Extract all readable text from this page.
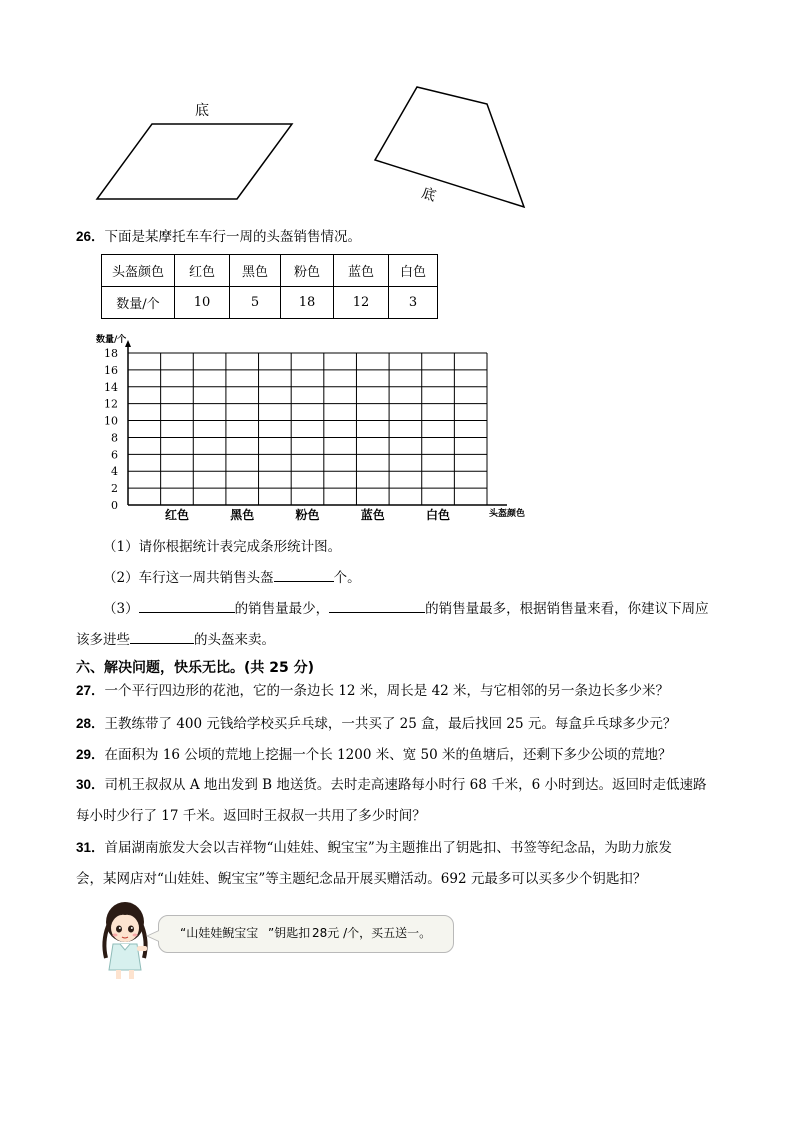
底
底
26．下面是某摩托车车行一周的头盔销售情况。
头盔颜色	红色	黑色	粉色	蓝色	白色
数量/个	10	5	18	12	3
18
16
14
12
10
8
6
4
2
0
数量/个
红色	黑色	粉色	蓝色	白色	头盔颜色
（1）请你根据统计表完成条形统计图。
（2）车行这一周共销售头盔	个。
（3）	的销售量最少，	的销售量最多，根据销售量来看，你建议下周应
该多进些	的头盔来卖。
六、解决问题，快乐无比。(共 25 分)
27．一个平行四边形的花池，它的一条边长 12 米，周长是 42 米，与它相邻的另一条边长多少米？
28．王教练带了 400 元钱给学校买乒乓球，一共买了 25 盒，最后找回 25 元。每盒乒乓球多少元？
29．在面积为 16 公顷的荒地上挖掘一个长 1200 米、宽 50 米的鱼塘后，还剩下多少公顷的荒地？
30．司机王叔叔从 A 地出发到 B 地送货。去时走高速路每小时行 68 千米，6 小时到达。返回时走低速路
每小时少行了 17 千米。返回时王叔叔一共用了多少时间？
31．首届湖南旅发大会以吉祥物“山娃娃、鲵宝宝”为主题推出了钥匙扣、书签等纪念品，为助力旅发
会，某网店对“山娃娃、鲵宝宝”等主题纪念品开展买赠活动。692 元最多可以买多少个钥匙扣？
“山娃娃鲵宝宝 ”钥匙扣 28元 /个，买五送一。
